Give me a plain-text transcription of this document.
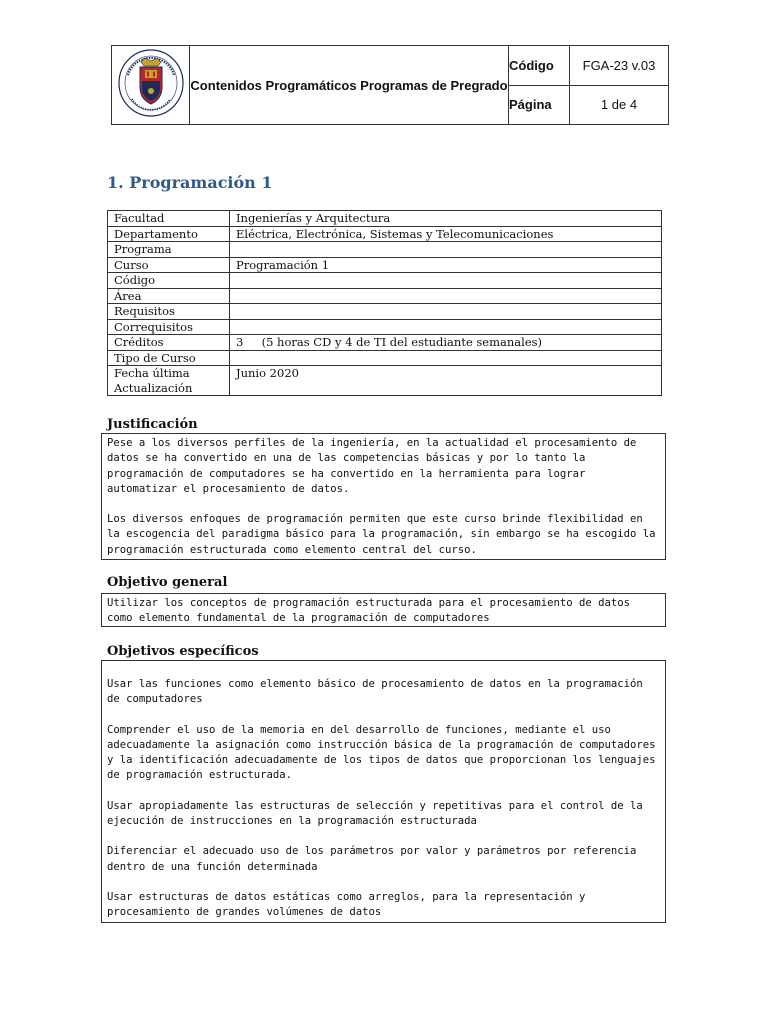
	Contenidos Programáticos Programas de Pregrado	Código	FGA-23 v.03
		Página	1 de 4
1. Programación 1
Facultad	Ingenierías y Arquitectura
Departamento	Eléctrica, Electrónica, Sistemas y Telecomunicaciones
Programa	
Curso	Programación 1
Código	
Área	
Requisitos	
Correquisitos	
Créditos	3     (5 horas CD y 4 de TI del estudiante semanales)
Tipo de Curso	
Fecha última
Actualización	Junio 2020
Justificación

Pese a los diversos perfiles de la ingeniería, en la actualidad el procesamiento de datos se ha convertido en una de las competencias básicas y por lo tanto la programación de computadores se ha convertido en la herramienta para lograr automatizar el procesamiento de datos.

Los diversos enfoques de programación permiten que este curso brinde flexibilidad en la escogencia del paradigma básico para la programación, sin embargo se ha escogido la programación estructurada como elemento central del curso.

Objetivo general

Utilizar los conceptos de programación estructurada para el procesamiento de datos como elemento fundamental de la programación de computadores

Objetivos específicos

Usar las funciones como elemento básico de procesamiento de datos en la programación de computadores

Comprender el uso de la memoria en del desarrollo de funciones, mediante el uso adecuadamente la asignación como instrucción básica de la programación de computadores y la identificación adecuadamente de los tipos de datos que proporcionan los lenguajes de programación estructurada.

Usar apropiadamente las estructuras de selección y repetitivas para el control de la ejecución de instrucciones en la programación estructurada

Diferenciar el adecuado uso de los parámetros por valor y parámetros por referencia dentro de una función determinada

Usar estructuras de datos estáticas como arreglos, para la representación y procesamiento de grandes volúmenes de datos
